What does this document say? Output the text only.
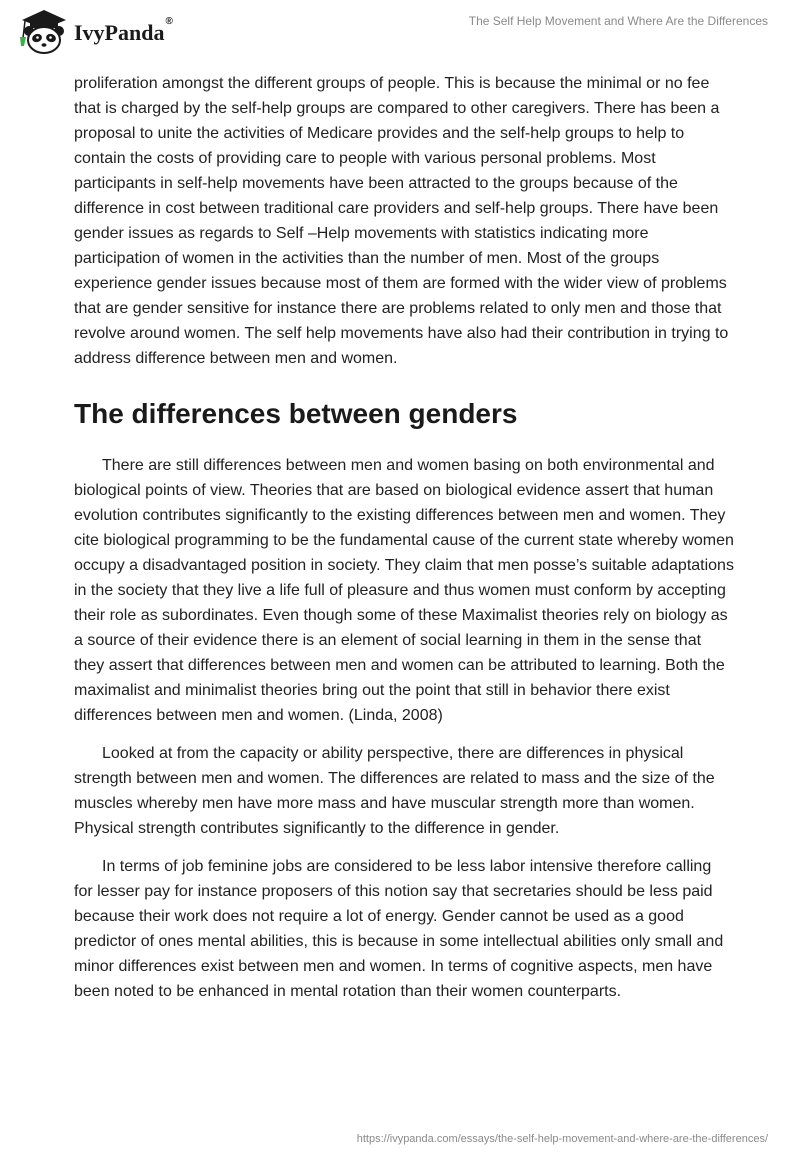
IvyPanda®	The Self Help Movement and Where Are the Differences

proliferation amongst the different groups of people. This is because the minimal or no fee that is charged by the self-help groups are compared to other caregivers. There has been a proposal to unite the activities of Medicare provides and the self-help groups to help to contain the costs of providing care to people with various personal problems. Most participants in self-help movements have been attracted to the groups because of the difference in cost between traditional care providers and self-help groups. There have been gender issues as regards to Self –Help movements with statistics indicating more participation of women in the activities than the number of men. Most of the groups experience gender issues because most of them are formed with the wider view of problems that are gender sensitive for instance there are problems related to only men and those that revolve around women. The self help movements have also had their contribution in trying to address difference between men and women.

The differences between genders

There are still differences between men and women basing on both environmental and biological points of view. Theories that are based on biological evidence assert that human evolution contributes significantly to the existing differences between men and women. They cite biological programming to be the fundamental cause of the current state whereby women occupy a disadvantaged position in society. They claim that men posse’s suitable adaptations in the society that they live a life full of pleasure and thus women must conform by accepting their role as subordinates. Even though some of these Maximalist theories rely on biology as a source of their evidence there is an element of social learning in them in the sense that they assert that differences between men and women can be attributed to learning. Both the maximalist and minimalist theories bring out the point that still in behavior there exist differences between men and women. (Linda, 2008)

Looked at from the capacity or ability perspective, there are differences in physical strength between men and women. The differences are related to mass and the size of the muscles whereby men have more mass and have muscular strength more than women. Physical strength contributes significantly to the difference in gender.

In terms of job feminine jobs are considered to be less labor intensive therefore calling for lesser pay for instance proposers of this notion say that secretaries should be less paid because their work does not require a lot of energy. Gender cannot be used as a good predictor of ones mental abilities, this is because in some intellectual abilities only small and minor differences exist between men and women. In terms of cognitive aspects, men have been noted to be enhanced in mental rotation than their women counterparts.

https://ivypanda.com/essays/the-self-help-movement-and-where-are-the-differences/
